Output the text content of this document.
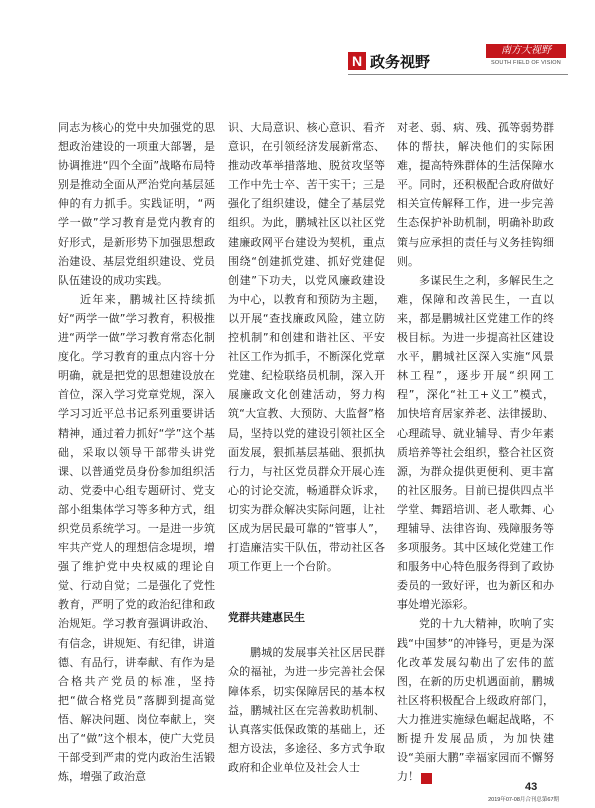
N 政务视野
南方大视野
SOUTH FIELD OF VISION

同志为核心的党中央加强党的思想政治建设的一项重大部署，是协调推进“四个全面”战略布局特别是推动全面从严治党向基层延伸的有力抓手。实践证明，“两学一做”学习教育是党内教育的好形式，是新形势下加强思想政治建设、基层党组织建设、党员队伍建设的成功实践。

近年来，鹏城社区持续抓好“两学一做”学习教育，积极推进“两学一做”学习教育常态化制度化。学习教育的重点内容十分明确，就是把党的思想建设放在首位，深入学习党章党规，深入学习习近平总书记系列重要讲话精神，通过着力抓好“学”这个基础，采取以领导干部带头讲党课、以普通党员身份参加组织活动、党委中心组专题研讨、党支部小组集体学习等多种方式，组织党员系统学习。一是进一步筑牢共产党人的理想信念堤坝，增强了维护党中央权威的理论自觉、行动自觉；二是强化了党性教育，严明了党的政治纪律和政治规矩。学习教育强调讲政治、有信念，讲规矩、有纪律，讲道德、有品行，讲奉献、有作为是合格共产党员的标准，坚持把“做合格党员”落脚到提高觉悟、解决问题、岗位奉献上，突出了“做”这个根本，使广大党员干部受到严肃的党内政治生活锻炼，增强了政治意

识、大局意识、核心意识、看齐意识，在引领经济发展新常态、推动改革举措落地、脱贫攻坚等工作中先士卒、苦干实干；三是强化了组织建设，健全了基层党组织。为此，鹏城社区以社区党建廉政网平台建设为契机，重点围绕“创建抓党建、抓好党建促创建”下功夫，以党风廉政建设为中心，以教育和预防为主题，以开展“查找廉政风险，建立防控机制”和创建和谐社区、平安社区工作为抓手，不断深化党章党建、纪检联络员机制，深入开展廉政文化创建活动，努力构筑“大宣教、大预防、大监督”格局，坚持以党的建设引领社区全面发展，狠抓基层基础、狠抓执行力，与社区党员群众开展心连心的讨论交流，畅通群众诉求，切实为群众解决实际问题，让社区成为居民最可靠的“管事人”，打造廉洁实干队伍，带动社区各项工作更上一个台阶。

党群共建惠民生

鹏城的发展事关社区居民群众的福祉，为进一步完善社会保障体系，切实保障居民的基本权益，鹏城社区在完善救助机制、认真落实低保政策的基础上，还想方设法，多途径、多方式争取政府和企业单位及社会人士

对老、弱、病、残、孤等弱势群体的帮扶，解决他们的实际困难，提高特殊群体的生活保障水平。同时，还积极配合政府做好相关宣传解释工作，进一步完善生态保护补助机制，明确补助政策与应承担的责任与义务挂钩细则。

多谋民生之利，多解民生之难，保障和改善民生，一直以来，都是鹏城社区党建工作的终极目标。为进一步提高社区建设水平，鹏城社区深入实施“风景林工程”，逐步开展“织网工程”，深化“社工+义工”模式，加快培育居家养老、法律援助、心理疏导、就业辅导、青少年素质培养等社会组织，整合社区资源，为群众提供更便利、更丰富的社区服务。目前已提供四点半学堂、舞蹈培训、老人歌舞、心理辅导、法律咨询、残障服务等多项服务。其中区域化党建工作和服务中心特色服务得到了政协委员的一致好评，也为新区和办事处增光添彩。

党的十九大精神，吹响了实践“中国梦”的冲锋号，更是为深化改革发展勾勒出了宏伟的蓝图，在新的历史机遇面前，鹏城社区将积极配合上级政府部门，大力推进实施绿色崛起战略，不断提升发展品质，为加快建设“美丽大鹏”幸福家园而不懈努力！	N

43
2019年07-08月合刊总第67期
